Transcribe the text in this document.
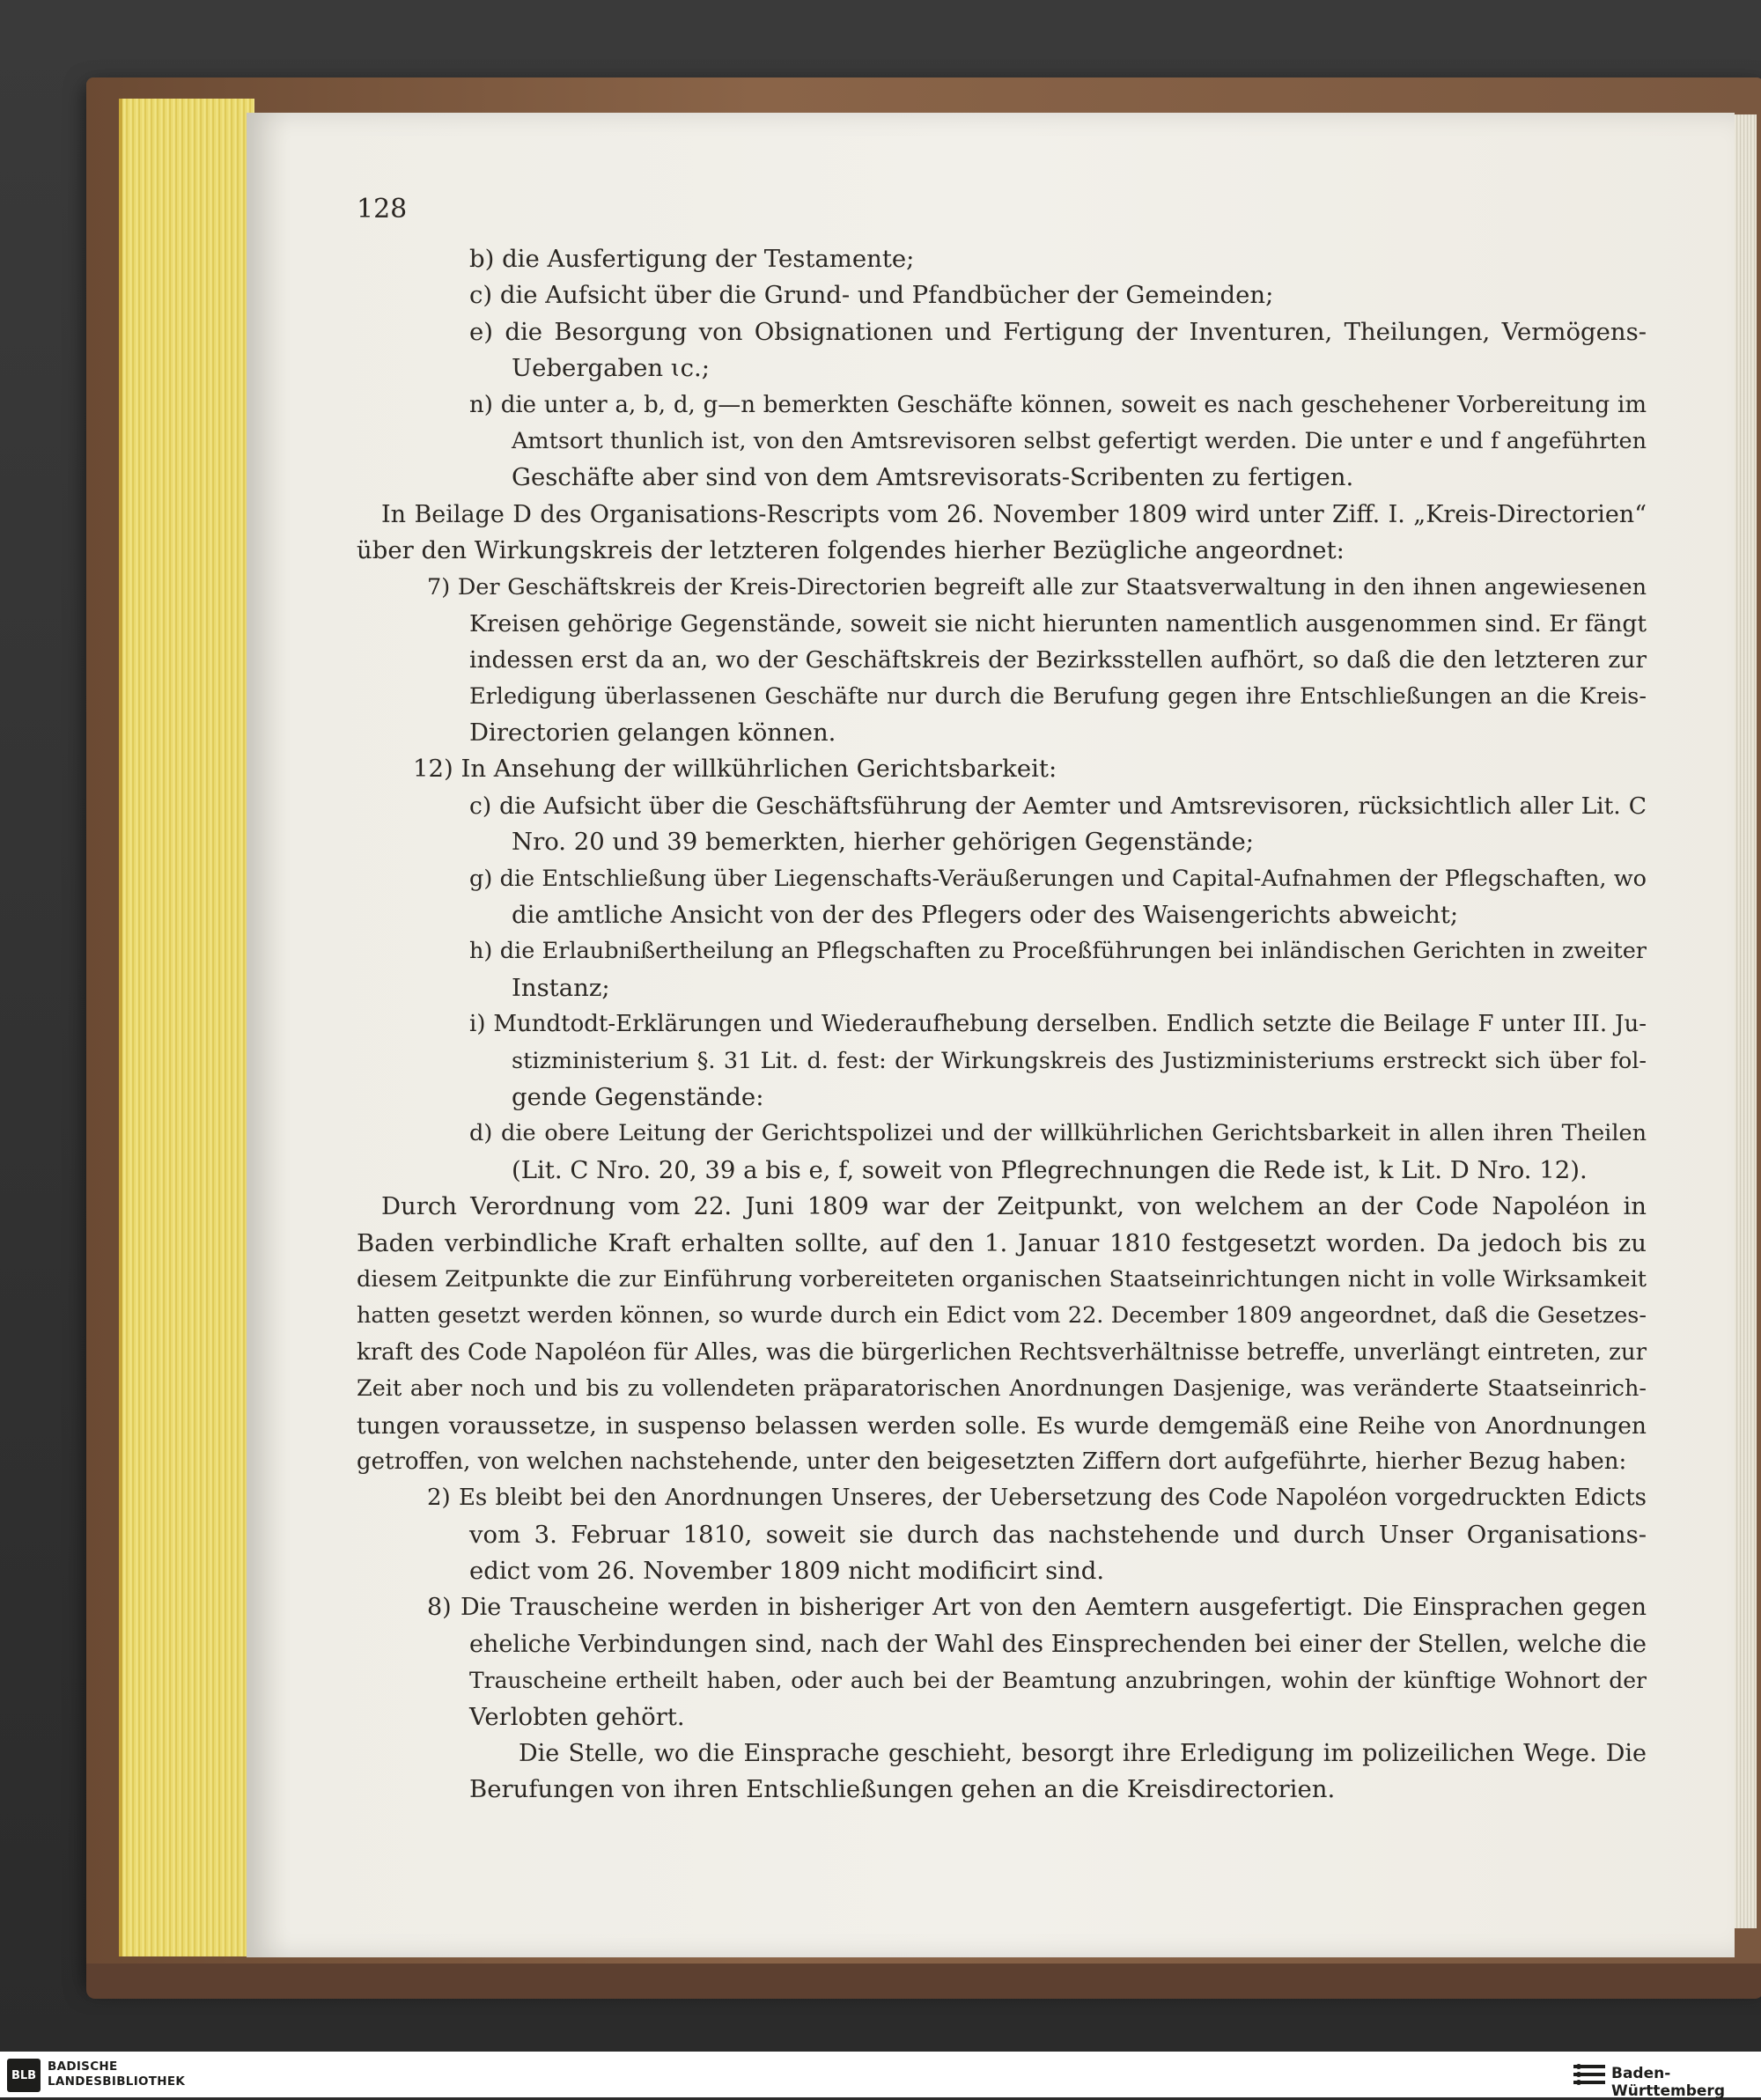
128
b) die Ausfertigung der Testamente;
c) die Aufsicht über die Grund- und Pfandbücher der Gemeinden;
e) die Besorgung von Obsignationen und Fertigung der Inventuren, Theilungen, Vermögens-
Uebergaben ɩc.;
n) die unter a, b, d, g—n bemerkten Geschäfte können, soweit es nach geschehener Vorbereitung im
Amtsort thunlich ist, von den Amtsrevisoren selbst gefertigt werden. Die unter e und f angeführten
Geschäfte aber sind von dem Amtsrevisorats-Scribenten zu fertigen.
In Beilage D des Organisations-Rescripts vom 26. November 1809 wird unter Ziff. I. „Kreis-Directorien“
über den Wirkungskreis der letzteren folgendes hierher Bezügliche angeordnet:
7) Der Geschäftskreis der Kreis-Directorien begreift alle zur Staatsverwaltung in den ihnen angewiesenen
Kreisen gehörige Gegenstände, soweit sie nicht hierunten namentlich ausgenommen sind. Er fängt
indessen erst da an, wo der Geschäftskreis der Bezirksstellen aufhört, so daß die den letzteren zur
Erledigung überlassenen Geschäfte nur durch die Berufung gegen ihre Entschließungen an die Kreis-
Directorien gelangen können.
12) In Ansehung der willkührlichen Gerichtsbarkeit:
c) die Aufsicht über die Geschäftsführung der Aemter und Amtsrevisoren, rücksichtlich aller Lit. C
Nro. 20 und 39 bemerkten, hierher gehörigen Gegenstände;
g) die Entschließung über Liegenschafts-Veräußerungen und Capital-Aufnahmen der Pflegschaften, wo
die amtliche Ansicht von der des Pflegers oder des Waisengerichts abweicht;
h) die Erlaubnißertheilung an Pflegschaften zu Proceßführungen bei inländischen Gerichten in zweiter
Instanz;
i) Mundtodt-Erklärungen und Wiederaufhebung derselben. Endlich setzte die Beilage F unter III. Ju-
stizministerium §. 31 Lit. d. fest: der Wirkungskreis des Justizministeriums erstreckt sich über fol-
gende Gegenstände:
d) die obere Leitung der Gerichtspolizei und der willkührlichen Gerichtsbarkeit in allen ihren Theilen
(Lit. C Nro. 20, 39 a bis e, f, soweit von Pflegrechnungen die Rede ist, k Lit. D Nro. 12).
Durch Verordnung vom 22. Juni 1809 war der Zeitpunkt, von welchem an der Code Napoléon in
Baden verbindliche Kraft erhalten sollte, auf den 1. Januar 1810 festgesetzt worden. Da jedoch bis zu
diesem Zeitpunkte die zur Einführung vorbereiteten organischen Staatseinrichtungen nicht in volle Wirksamkeit
hatten gesetzt werden können, so wurde durch ein Edict vom 22. December 1809 angeordnet, daß die Gesetzes-
kraft des Code Napoléon für Alles, was die bürgerlichen Rechtsverhältnisse betreffe, unverlängt eintreten, zur
Zeit aber noch und bis zu vollendeten präparatorischen Anordnungen Dasjenige, was veränderte Staatseinrich-
tungen voraussetze, in suspenso belassen werden solle. Es wurde demgemäß eine Reihe von Anordnungen
getroffen, von welchen nachstehende, unter den beigesetzten Ziffern dort aufgeführte, hierher Bezug haben:
2) Es bleibt bei den Anordnungen Unseres, der Uebersetzung des Code Napoléon vorgedruckten Edicts
vom 3. Februar 1810, soweit sie durch das nachstehende und durch Unser Organisations-
edict vom 26. November 1809 nicht modificirt sind.
8) Die Trauscheine werden in bisheriger Art von den Aemtern ausgefertigt. Die Einsprachen gegen
eheliche Verbindungen sind, nach der Wahl des Einsprechenden bei einer der Stellen, welche die
Trauscheine ertheilt haben, oder auch bei der Beamtung anzubringen, wohin der künftige Wohnort der
Verlobten gehört.
Die Stelle, wo die Einsprache geschieht, besorgt ihre Erledigung im polizeilichen Wege. Die
Berufungen von ihren Entschließungen gehen an die Kreisdirectorien.
BLB
BADISCHE
LANDESBIBLIOTHEK	Baden-Württemberg
